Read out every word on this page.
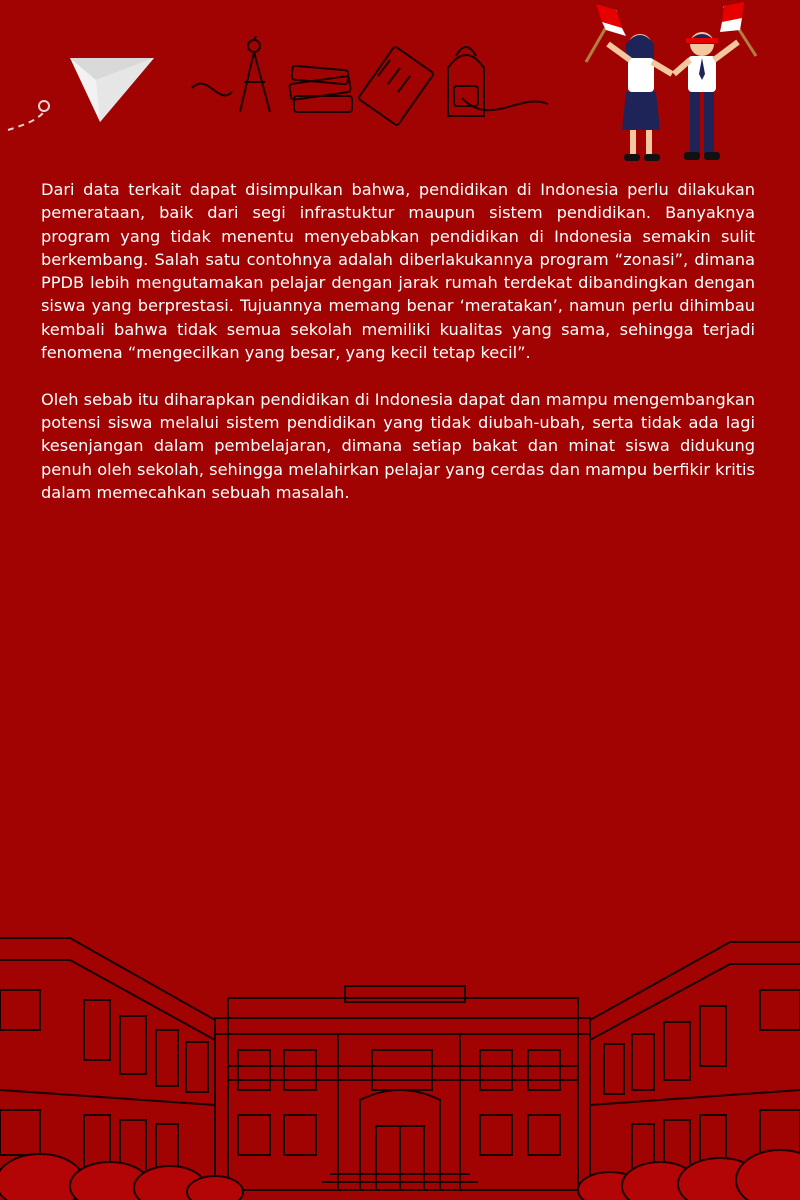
Dari data terkait dapat disimpulkan bahwa, pendidikan di Indonesia perlu dilakukan pemerataan, baik dari segi infrastuktur maupun sistem pendidikan. Banyaknya program yang tidak menentu menyebabkan pendidikan di Indonesia semakin sulit berkembang. Salah satu contohnya adalah diberlakukannya program “zonasi”, dimana PPDB lebih mengutamakan pelajar dengan jarak rumah terdekat dibandingkan dengan siswa yang berprestasi. Tujuannya memang benar ‘meratakan’, namun perlu dihimbau kembali bahwa tidak semua sekolah memiliki kualitas yang sama, sehingga terjadi fenomena “mengecilkan yang besar, yang kecil tetap kecil”.

Oleh sebab itu diharapkan pendidikan di Indonesia dapat dan mampu mengembangkan potensi siswa melalui sistem pendidikan yang tidak diubah-ubah, serta tidak ada lagi kesenjangan dalam pembelajaran, dimana setiap bakat dan minat siswa didukung penuh oleh sekolah, sehingga melahirkan pelajar yang cerdas dan mampu berfikir kritis dalam memecahkan sebuah masalah.
